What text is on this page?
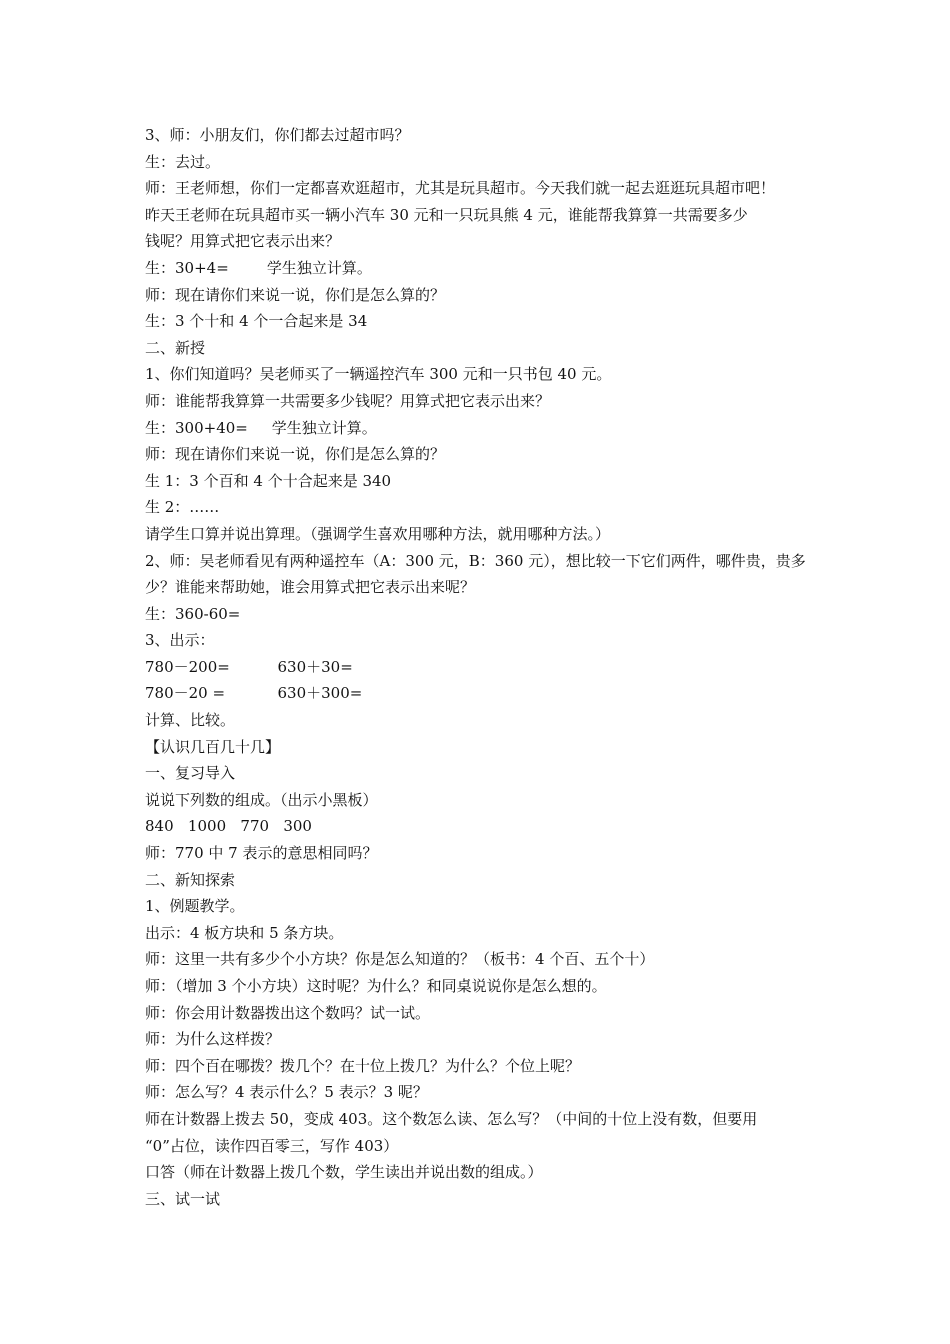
3、师：小朋友们，你们都去过超市吗？
生：去过。
师：王老师想，你们一定都喜欢逛超市，尤其是玩具超市。今天我们就一起去逛逛玩具超市吧！
昨天王老师在玩具超市买一辆小汽车 30 元和一只玩具熊 4 元，谁能帮我算算一共需要多少
钱呢？用算式把它表示出来？
生：30+4=        学生独立计算。
师：现在请你们来说一说，你们是怎么算的？
生：3 个十和 4 个一合起来是 34
二、新授
1、你们知道吗？吴老师买了一辆遥控汽车 300 元和一只书包 40 元。
师：谁能帮我算算一共需要多少钱呢？用算式把它表示出来？
生：300+40=     学生独立计算。
师：现在请你们来说一说，你们是怎么算的？
生 1：3 个百和 4 个十合起来是 340
生 2：……
请学生口算并说出算理。（强调学生喜欢用哪种方法，就用哪种方法。）
2、师：吴老师看见有两种遥控车（A：300 元，B：360 元），想比较一下它们两件，哪件贵，贵多
少？谁能来帮助她，谁会用算式把它表示出来呢？
生：360-60=
3、出示：
780－200=          630＋30=
780－20 =           630＋300=
计算、比较。
【认识几百几十几】
一、复习导入
说说下列数的组成。（出示小黑板）
840   1000   770   300
师：770 中 7 表示的意思相同吗？
二、新知探索
1、例题教学。
出示：4 板方块和 5 条方块。
师：这里一共有多少个小方块？你是怎么知道的？（板书：4 个百、五个十）
师：（增加 3 个小方块）这时呢？为什么？和同桌说说你是怎么想的。
师：你会用计数器拨出这个数吗？试一试。
师：为什么这样拨？
师：四个百在哪拨？拨几个？在十位上拨几？为什么？个位上呢？
师：怎么写？4 表示什么？5 表示？3 呢？
师在计数器上拨去 50，变成 403。这个数怎么读、怎么写？（中间的十位上没有数，但要用
“0”占位，读作四百零三，写作 403）
口答（师在计数器上拨几个数，学生读出并说出数的组成。）
三、试一试
